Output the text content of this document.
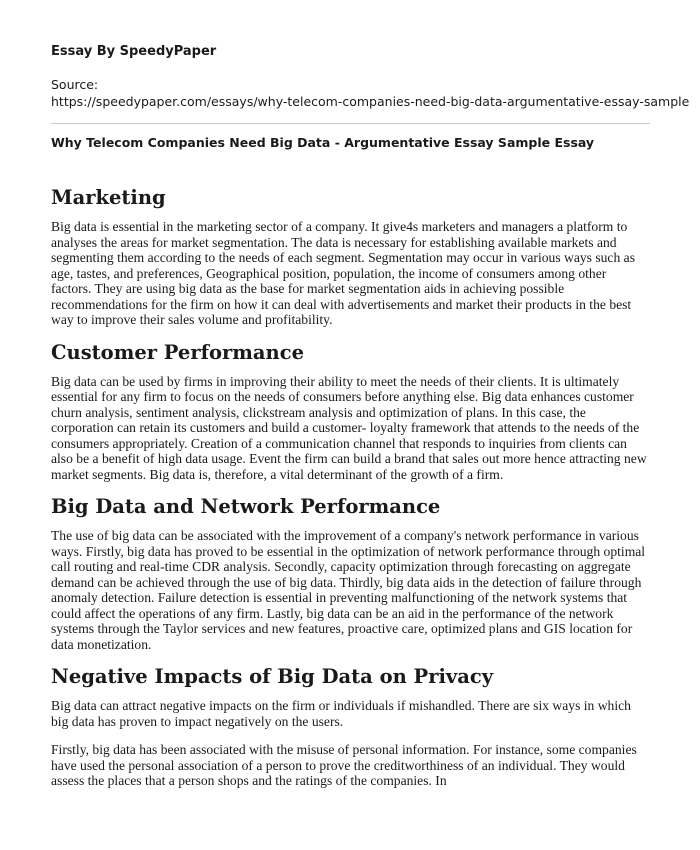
Essay By SpeedyPaper
Source:
https://speedypaper.com/essays/why-telecom-companies-need-big-data-argumentative-essay-sample
Why Telecom Companies Need Big Data - Argumentative Essay Sample Essay
Marketing

Big data is essential in the marketing sector of a company. It give4s marketers and managers a platform to analyses the areas for market segmentation. The data is necessary for establishing available markets and segmenting them according to the needs of each segment. Segmentation may occur in various ways such as age, tastes, and preferences, Geographical position, population, the income of consumers among other factors. They are using big data as the base for market segmentation aids in achieving possible recommendations for the firm on how it can deal with advertisements and market their products in the best way to improve their sales volume and profitability.

Customer Performance

Big data can be used by firms in improving their ability to meet the needs of their clients. It is ultimately essential for any firm to focus on the needs of consumers before anything else. Big data enhances customer churn analysis, sentiment analysis, clickstream analysis and optimization of plans. In this case, the corporation can retain its customers and build a customer- loyalty framework that attends to the needs of the consumers appropriately. Creation of a communication channel that responds to inquiries from clients can also be a benefit of high data usage. Event the firm can build a brand that sales out more hence attracting new market segments. Big data is, therefore, a vital determinant of the growth of a firm.

Big Data and Network Performance

The use of big data can be associated with the improvement of a company's network performance in various ways. Firstly, big data has proved to be essential in the optimization of network performance through optimal call routing and real-time CDR analysis. Secondly, capacity optimization through forecasting on aggregate demand can be achieved through the use of big data. Thirdly, big data aids in the detection of failure through anomaly detection. Failure detection is essential in preventing malfunctioning of the network systems that could affect the operations of any firm. Lastly, big data can be an aid in the performance of the network systems through the Taylor services and new features, proactive care, optimized plans and GIS location for data monetization.

Negative Impacts of Big Data on Privacy

Big data can attract negative impacts on the firm or individuals if mishandled. There are six ways in which big data has proven to impact negatively on the users.

Firstly, big data has been associated with the misuse of personal information. For instance, some companies have used the personal association of a person to prove the creditworthiness of an individual. They would assess the places that a person shops and the ratings of the companies. In
